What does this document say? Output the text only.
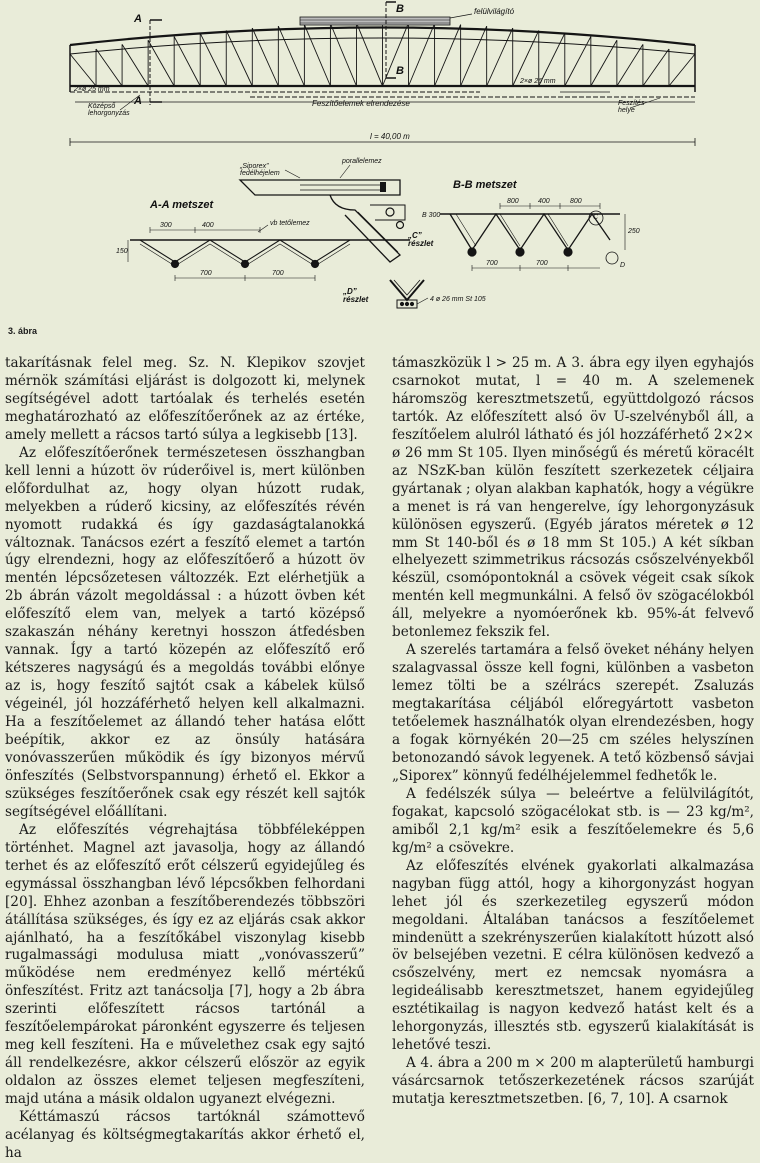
A
A
B
B
felülvilágító
2×ø 25 mm
2×ø 26 mm
Középső lehorgonyzás
Feszítőelemek elrendezése	Feszítés helye
l = 40,00 m
„Siporex” fedélhéjelem
porallelemez
A-A metszet
B-B metszet
vb tetőlemez
„C” részlet
„D” részlet	4 ø 26 mm St 105
B 300	C
D
300	400
150
700	700
800	400	800
250
700	700
3. ábra

takarításnak felel meg. Sz. N. Klepikov szovjet mérnök számítási eljárást is dolgozott ki, melynek segítségével adott tartóalak és terhelés esetén meghatározható az előfeszítőerőnek az az értéke, amely mellett a rácsos tartó súlya a legkisebb [13].

Az előfeszítőerőnek természetesen összhangban kell lenni a húzott öv rúderőivel is, mert különben előfordulhat az, hogy olyan húzott rudak, melyekben a rúderő kicsiny, az előfeszítés révén nyomott rudakká és így gazdaságtalanokká változnak. Tanácsos ezért a feszítő elemet a tartón úgy elrendezni, hogy az előfeszítőerő a húzott öv mentén lépcsőzetesen változzék. Ezt elérhetjük a 2b ábrán vázolt megoldással : a húzott övben két előfeszítő elem van, melyek a tartó középső szakaszán néhány keretnyi hosszon átfedésben vannak. Így a tartó közepén az előfeszítő erő kétszeres nagyságú és a megoldás további előnye az is, hogy feszítő sajtót csak a kábelek külső végeinél, jól hozzáférhető helyen kell alkalmazni. Ha a feszítőelemet az állandó teher hatása előtt beépítik, akkor ez az önsúly hatására vonóvasszerűen működik és így bizonyos mérvű önfeszítés (Selbstvorspannung) érhető el. Ekkor a szükséges feszítőerőnek csak egy részét kell sajtók segítségével előállítani.

Az előfeszítés végrehajtása többféleképpen történhet. Magnel azt javasolja, hogy az állandó terhet és az előfeszítő erőt célszerű egyidejűleg és egymással összhangban lévő lépcsőkben felhordani [20]. Ehhez azonban a feszítőberendezés többszöri átállítása szükséges, és így ez az eljárás csak akkor ajánlható, ha a feszítőkábel viszonylag kisebb rugalmassági modulusa miatt „vonóvasszerű” működése nem eredményez kellő mértékű önfeszítést. Fritz azt tanácsolja [7], hogy a 2b ábra szerinti előfeszített rácsos tartónál a feszítőelempárokat páronként egyszerre és teljesen meg kell feszíteni. Ha e művelethez csak egy sajtó áll rendelkezésre, akkor célszerű először az egyik oldalon az összes elemet teljesen megfeszíteni, majd utána a másik oldalon ugyanezt elvégezni.

Kéttámaszú rácsos tartóknál számottevő acélanyag és költségmegtakarítás akkor érhető el, ha

támaszközük l > 25 m. A 3. ábra egy ilyen egyhajós csarnokot mutat, l = 40 m. A szelemenek háromszög keresztmetszetű, együttdolgozó rácsos tartók. Az előfeszített alsó öv U-szelvényből áll, a feszítőelem alulról látható és jól hozzáférhető 2×2× ø 26 mm St 105. Ilyen minőségű és méretű köracélt az NSzK-ban külön feszített szerkezetek céljaira gyártanak ; olyan alakban kaphatók, hogy a végükre a menet is rá van hengerelve, így lehorgonyzásuk különösen egyszerű. (Egyéb járatos méretek ø 12 mm St 140-ből és ø 18 mm St 105.) A két síkban elhelyezett szimmetrikus rácsozás csőszelvényekből készül, csomópontoknál a csövek végeit csak síkok mentén kell megmunkálni. A felső öv szögacélokból áll, melyekre a nyomóerőnek kb. 95%-át felvevő betonlemez fekszik fel.

A szerelés tartamára a felső öveket néhány helyen szalagvassal össze kell fogni, különben a vasbeton lemez tölti be a szélrács szerepét. Zsaluzás megtakarítása céljából előregyártott vasbeton tetőelemek használhatók olyan elrendezésben, hogy a fogak környékén 20—25 cm széles helyszínen betonozandó sávok legyenek. A tető közbenső sávjai „Siporex” könnyű fedélhéjelemmel fedhetők le.

A fedélszék súlya — beleértve a felülvilágítót, fogakat, kapcsoló szögacélokat stb. is — 23 kg/m², amiből 2,1 kg/m² esik a feszítőelemekre és 5,6 kg/m² a csövekre.

Az előfeszítés elvének gyakorlati alkalmazása nagyban függ attól, hogy a kihorgonyzást hogyan lehet jól és szerkezetileg egyszerű módon megoldani. Általában tanácsos a feszítőelemet mindenütt a szekrényszerűen kialakított húzott alsó öv belsejében vezetni. E célra különösen kedvező a csőszelvény, mert ez nemcsak nyomásra a legideálisabb keresztmetszet, hanem egyidejűleg esztétikailag is nagyon kedvező hatást kelt és a lehorgonyzás, illesztés stb. egyszerű kialakítását is lehetővé teszi.

A 4. ábra a 200 m × 200 m alapterületű hamburgi vásárcsarnok tetőszerkezetének rácsos szarúját mutatja keresztmetszetben. [6, 7, 10]. A csarnok
